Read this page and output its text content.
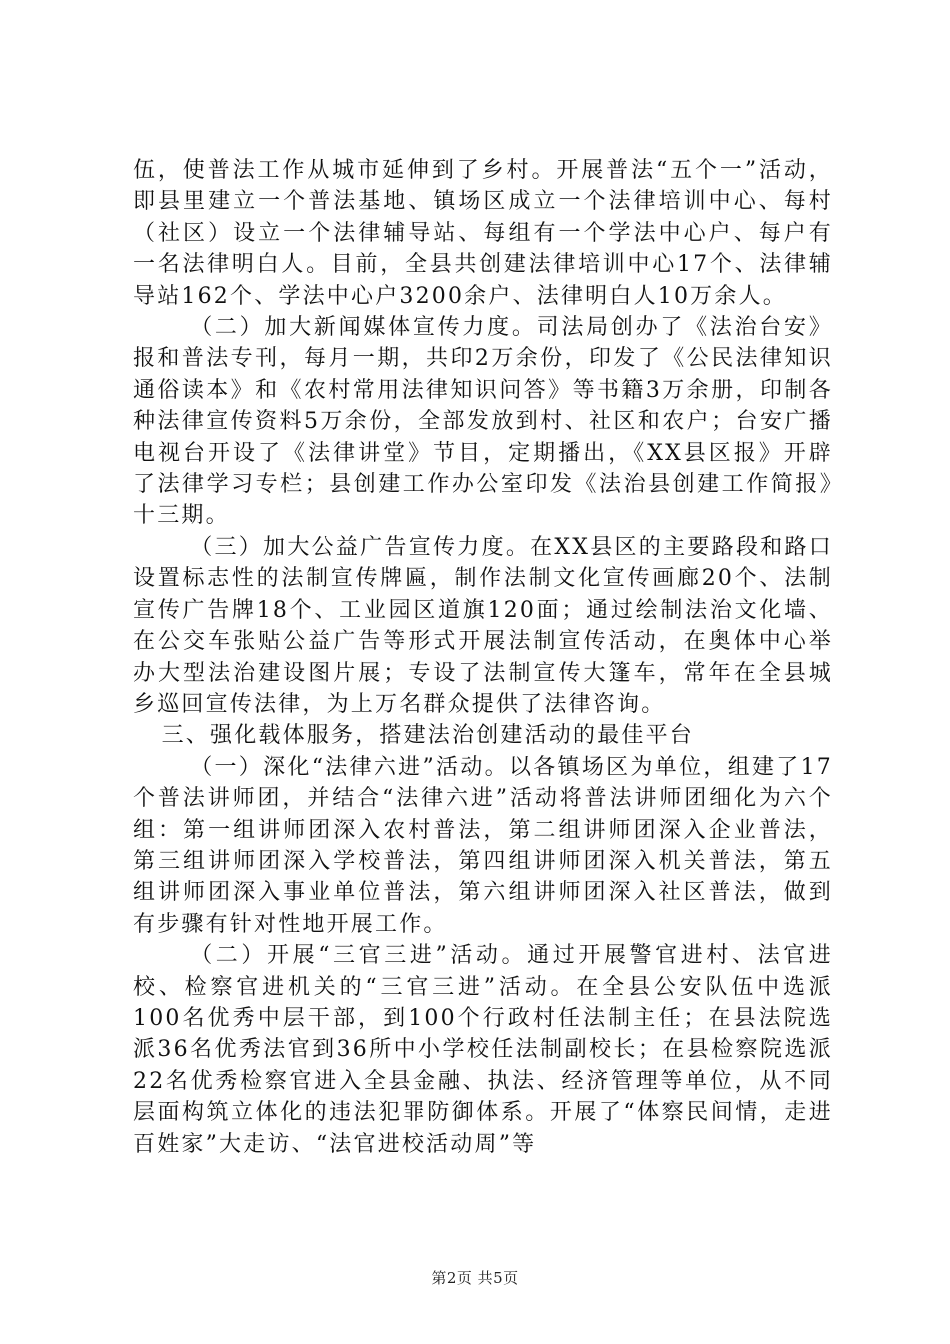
伍，使普法工作从城市延伸到了乡村。开展普法“五个一”活动，即县里建立一个普法基地、镇场区成立一个法律培训中心、每村（社区）设立一个法律辅导站、每组有一个学法中心户、每户有一名法律明白人。目前，全县共创建法律培训中心17个、法律辅导站162个、学法中心户3200余户、法律明白人10万余人。

（二）加大新闻媒体宣传力度。司法局创办了《法治台安》报和普法专刊，每月一期，共印2万余份，印发了《公民法律知识通俗读本》和《农村常用法律知识问答》等书籍3万余册，印制各种法律宣传资料5万余份，全部发放到村、社区和农户；台安广播电视台开设了《法律讲堂》节目，定期播出，《XX县区报》开辟了法律学习专栏；县创建工作办公室印发《法治县创建工作简报》十三期。

（三）加大公益广告宣传力度。在XX县区的主要路段和路口设置标志性的法制宣传牌匾，制作法制文化宣传画廊20个、法制宣传广告牌18个、工业园区道旗120面；通过绘制法治文化墙、在公交车张贴公益广告等形式开展法制宣传活动，在奥体中心举办大型法治建设图片展；专设了法制宣传大篷车，常年在全县城乡巡回宣传法律，为上万名群众提供了法律咨询。

三、强化载体服务，搭建法治创建活动的最佳平台

（一）深化“法律六进”活动。以各镇场区为单位，组建了17个普法讲师团，并结合“法律六进”活动将普法讲师团细化为六个组：第一组讲师团深入农村普法，第二组讲师团深入企业普法，第三组讲师团深入学校普法，第四组讲师团深入机关普法，第五组讲师团深入事业单位普法，第六组讲师团深入社区普法，做到有步骤有针对性地开展工作。

（二）开展“三官三进”活动。通过开展警官进村、法官进校、检察官进机关的“三官三进”活动。在全县公安队伍中选派100名优秀中层干部，到100个行政村任法制主任；在县法院选派36名优秀法官到36所中小学校任法制副校长；在县检察院选派22名优秀检察官进入全县金融、执法、经济管理等单位，从不同层面构筑立体化的违法犯罪防御体系。开展了“体察民间情，走进百姓家”大走访、“法官进校活动周”等

第2页 共5页
